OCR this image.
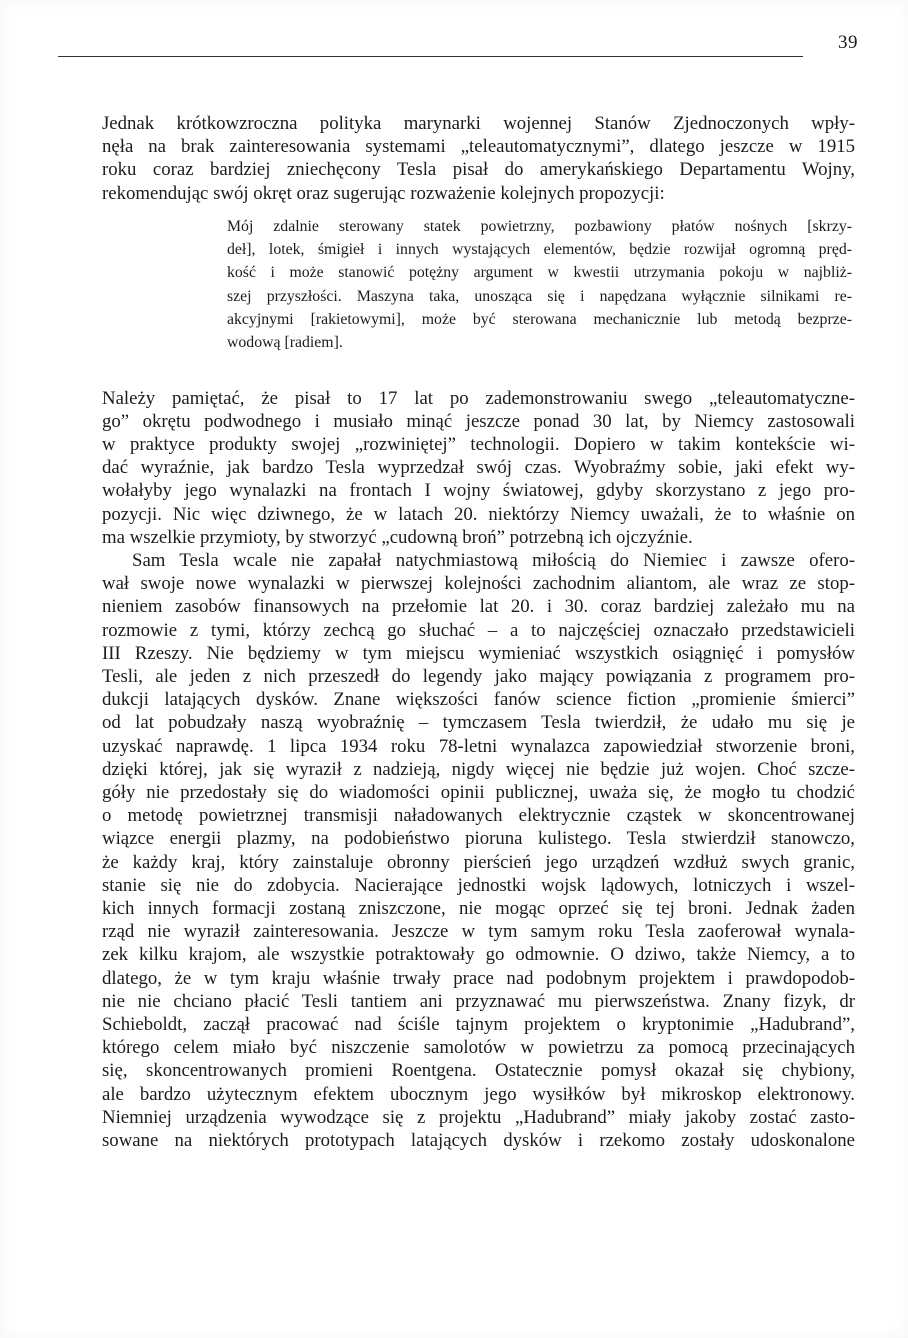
39
Jednak krótkowzroczna polityka marynarki wojennej Stanów Zjednoczonych wpły-
nęła na brak zainteresowania systemami „teleautomatycznymi”, dlatego jeszcze w 1915
roku coraz bardziej zniechęcony Tesla pisał do amerykańskiego Departamentu Wojny,
rekomendując swój okręt oraz sugerując rozważenie kolejnych propozycji:
Mój zdalnie sterowany statek powietrzny, pozbawiony płatów nośnych [skrzy-
deł], lotek, śmigieł i innych wystających elementów, będzie rozwijał ogromną pręd-
kość i może stanowić potężny argument w kwestii utrzymania pokoju w najbliż-
szej przyszłości. Maszyna taka, unosząca się i napędzana wyłącznie silnikami re-
akcyjnymi [rakietowymi], może być sterowana mechanicznie lub metodą bezprze-
wodową [radiem].
Należy pamiętać, że pisał to 17 lat po zademonstrowaniu swego „teleautomatyczne-
go” okrętu podwodnego i musiało minąć jeszcze ponad 30 lat, by Niemcy zastosowali
w praktyce produkty swojej „rozwiniętej” technologii. Dopiero w takim kontekście wi-
dać wyraźnie, jak bardzo Tesla wyprzedzał swój czas. Wyobraźmy sobie, jaki efekt wy-
wołałyby jego wynalazki na frontach I wojny światowej, gdyby skorzystano z jego pro-
pozycji. Nic więc dziwnego, że w latach 20. niektórzy Niemcy uważali, że to właśnie on
ma wszelkie przymioty, by stworzyć „cudowną broń” potrzebną ich ojczyźnie.
Sam Tesla wcale nie zapałał natychmiastową miłością do Niemiec i zawsze ofero-
wał swoje nowe wynalazki w pierwszej kolejności zachodnim aliantom, ale wraz ze stop-
nieniem zasobów finansowych na przełomie lat 20. i 30. coraz bardziej zależało mu na
rozmowie z tymi, którzy zechcą go słuchać – a to najczęściej oznaczało przedstawicieli
III Rzeszy. Nie będziemy w tym miejscu wymieniać wszystkich osiągnięć i pomysłów
Tesli, ale jeden z nich przeszedł do legendy jako mający powiązania z programem pro-
dukcji latających dysków. Znane większości fanów science fiction „promienie śmierci”
od lat pobudzały naszą wyobraźnię – tymczasem Tesla twierdził, że udało mu się je
uzyskać naprawdę. 1 lipca 1934 roku 78-letni wynalazca zapowiedział stworzenie broni,
dzięki której, jak się wyraził z nadzieją, nigdy więcej nie będzie już wojen. Choć szcze-
góły nie przedostały się do wiadomości opinii publicznej, uważa się, że mogło tu chodzić
o metodę powietrznej transmisji naładowanych elektrycznie cząstek w skoncentrowanej
wiązce energii plazmy, na podobieństwo pioruna kulistego. Tesla stwierdził stanowczo,
że każdy kraj, który zainstaluje obronny pierścień jego urządzeń wzdłuż swych granic,
stanie się nie do zdobycia. Nacierające jednostki wojsk lądowych, lotniczych i wszel-
kich innych formacji zostaną zniszczone, nie mogąc oprzeć się tej broni. Jednak żaden
rząd nie wyraził zainteresowania. Jeszcze w tym samym roku Tesla zaoferował wynala-
zek kilku krajom, ale wszystkie potraktowały go odmownie. O dziwo, także Niemcy, a to
dlatego, że w tym kraju właśnie trwały prace nad podobnym projektem i prawdopodob-
nie nie chciano płacić Tesli tantiem ani przyznawać mu pierwszeństwa. Znany fizyk, dr
Schieboldt, zaczął pracować nad ściśle tajnym projektem o kryptonimie „Hadubrand”,
którego celem miało być niszczenie samolotów w powietrzu za pomocą przecinających
się, skoncentrowanych promieni Roentgena. Ostatecznie pomysł okazał się chybiony,
ale bardzo użytecznym efektem ubocznym jego wysiłków był mikroskop elektronowy.
Niemniej urządzenia wywodzące się z projektu „Hadubrand” miały jakoby zostać zasto-
sowane na niektórych prototypach latających dysków i rzekomo zostały udoskonalone
